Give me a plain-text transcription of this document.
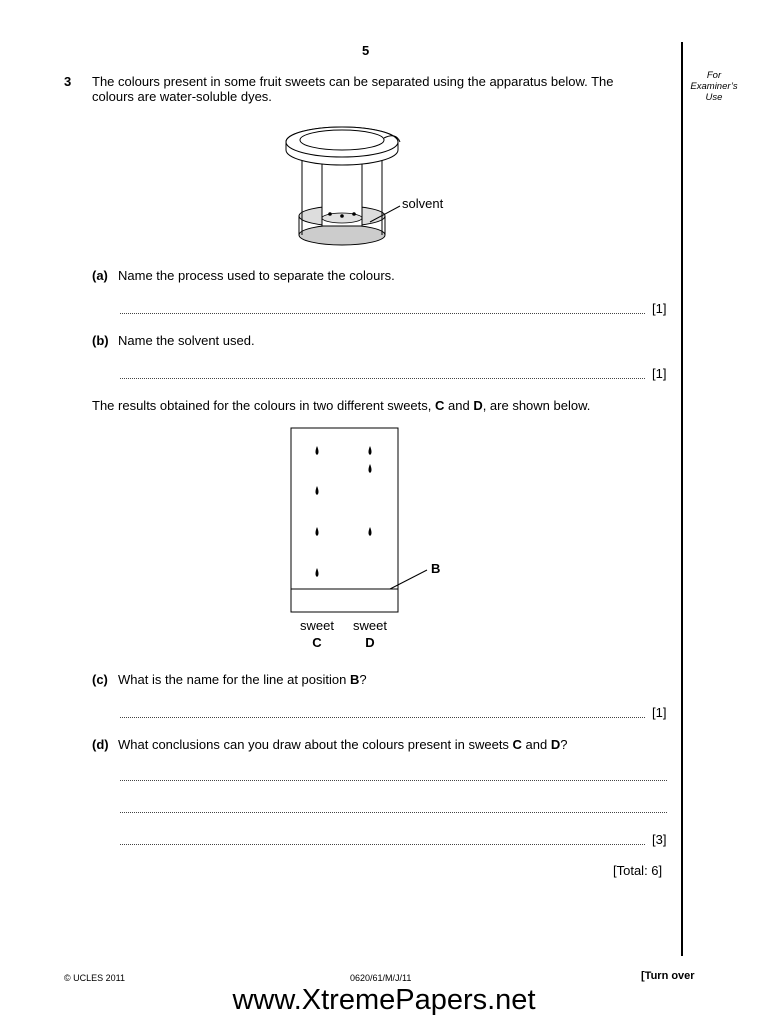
5
For Examiner’s Use
3 The colours present in some fruit sweets can be separated using the apparatus below. The
colours are water-soluble dyes.
solvent
(a) Name the process used to separate the colours.
[1]
(b) Name the solvent used.
[1]
The results obtained for the colours in two different sweets, C and D, are shown below.
B
sweet
C
sweet
D
(c) What is the name for the line at position B?
[1]
(d) What conclusions can you draw about the colours present in sweets C and D?
[3]
[Total: 6]
© UCLES 2011	0620/61/M/J/11	[Turn over
www.XtremePapers.net
